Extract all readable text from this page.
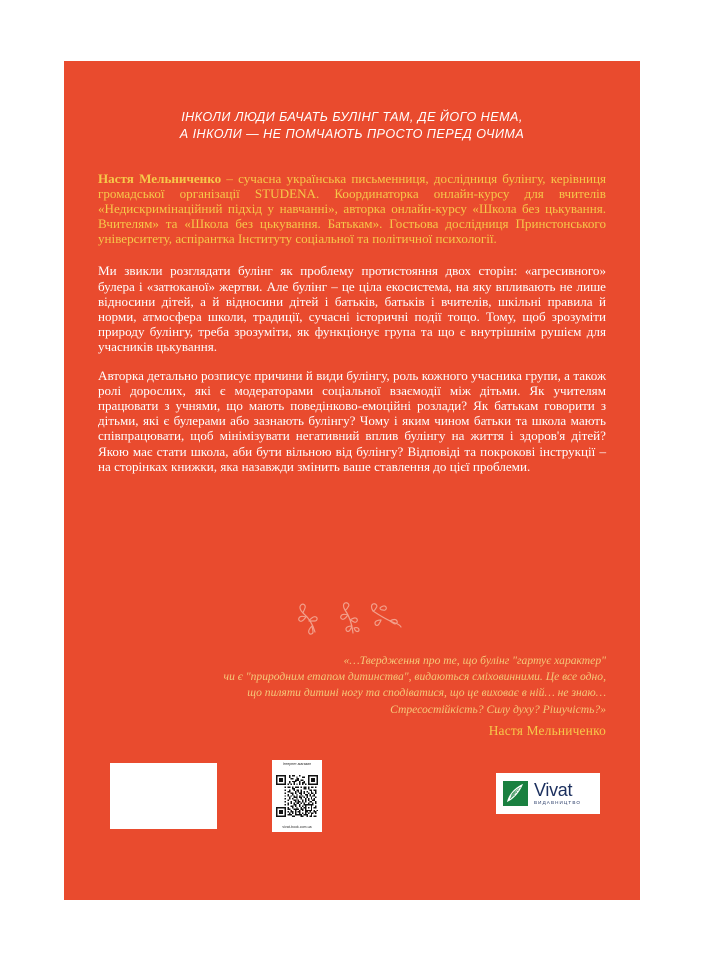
ІНКОЛИ ЛЮДИ БАЧАТЬ БУЛІНГ ТАМ, ДЕ ЙОГО НЕМА,
А ІНКОЛИ — НЕ ПОМЧАЮТЬ ПРОСТО ПЕРЕД ОЧИМА

Настя Мельниченко – сучасна українська письменниця, дослідниця булінгу, керівниця громадської організації STUDENA. Координаторка онлайн-курсу для вчителів «Недискримінаційний підхід у навчанні», авторка онлайн-курсу «Школа без цькування. Вчителям» та «Школа без цькування. Батькам». Гостьова дослідниця Принстонського університету, аспірантка Інституту соціальної та політичної психології.

Ми звикли розглядати булінг як проблему протистояння двох сторін: «агресивного» булера і «затюканої» жертви. Але булінг – це ціла екосистема, на яку впливають не лише відносини дітей, а й відносини дітей і батьків, батьків і вчителів, шкільні правила й норми, атмосфера школи, традиції, сучасні історичні події тощо. Тому, щоб зрозуміти природу булінгу, треба зрозуміти, як функціонує група та що є внутрішнім рушієм для учасників цькування.

Авторка детально розписує причини й види булінгу, роль кожного учасника групи, а також ролі дорослих, які є модераторами соціальної взаємодії між дітьми. Як учителям працювати з учнями, що мають поведінково-емоційні розлади? Як батькам говорити з дітьми, які є булерами або зазнають булінгу? Чому і яким чином батьки та школа мають співпрацювати, щоб мінімізувати негативний вплив булінгу на життя і здоров'я дітей? Якою має стати школа, аби бути вільною від булінгу? Відповіді та покрокові інструкції – на сторінках книжки, яка назавжди змінить ваше ставлення до цієї проблеми.

«…Твердження про те, що булінг "гартує характер"
чи є "природним етапом дитинства", видаються сміховинними. Це все одно,
що пиляти дитині ногу та сподіватися, що це виховає в ній… не знаю…
Стресостійкість? Силу духу? Рішучість?»

Настя Мельниченко
Інтернет-магазин
vivat-book.com.ua
Vivat
ВИДАВНИЦТВО
